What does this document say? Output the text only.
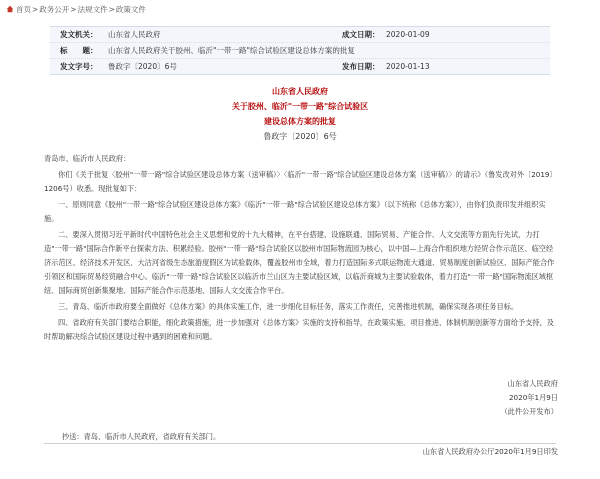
首页>政务公开>法规文件>政策文件
发文机关：	山东省人民政府	成文日期： 2020-01-09
标　　题：	山东省人民政府关于胶州、临沂"一带一路"综合试验区建设总体方案的批复
发文字号：	鲁政字〔2020〕6号	发布日期： 2020-01-13
山东省人民政府
关于胶州、临沂"一带一路"综合试验区
建设总体方案的批复
鲁政字〔2020〕6号

青岛市、临沂市人民政府：

你们《关于批复〈胶州"一带一路"综合试验区建设总体方案（送审稿）〉〈临沂"一带一路"综合试验区建设总体方案（送审稿）〉的请示》（鲁发改对外〔2019〕1206号）收悉。现批复如下：

一、原则同意《胶州"一带一路"综合试验区建设总体方案》《临沂"一带一路"综合试验区建设总体方案》（以下统称《总体方案》），由你们负责印发并组织实施。

二、要深入贯彻习近平新时代中国特色社会主义思想和党的十九大精神，在平台搭建、设施联通、国际贸易、产能合作、人文交流等方面先行先试，力打造"一带一路"国际合作新平台探索方法、积累经验。胶州"一带一路"综合试验区以胶州市国际物流园为核心，以中国—上海合作组织地方经贸合作示范区、临空经济示范区、经济技术开发区、大沽河省级生态旅游度假区为试验载体，覆盖胶州市全域，着力打造国际多式联运物流大通道、贸易制度创新试验区、国际产能合作引领区和国际贸易经贸融合中心。临沂"一带一路"综合试验区以临沂市兰山区为主要试验区域，以临沂商城为主要试验载体，着力打造"一带一路"国际物流区域枢纽、国际商贸创新集聚地、国际产能合作示范基地、国际人文交流合作平台。

三、青岛、临沂市政府要全面做好《总体方案》的具体实施工作，进一步细化目标任务，落实工作责任，完善推进机制，确保实现各项任务目标。

四、省政府有关部门要结合职能，细化政策措施，进一步加强对《总体方案》实施的支持和指导，在政策实施、项目推进、体制机制创新等方面给予支持，及时帮助解决综合试验区建设过程中遇到的困难和问题。

山东省人民政府
2020年1月9日
（此件公开发布）
抄送：青岛、临沂市人民政府，省政府有关部门。
山东省人民政府办公厅2020年1月9日印发
